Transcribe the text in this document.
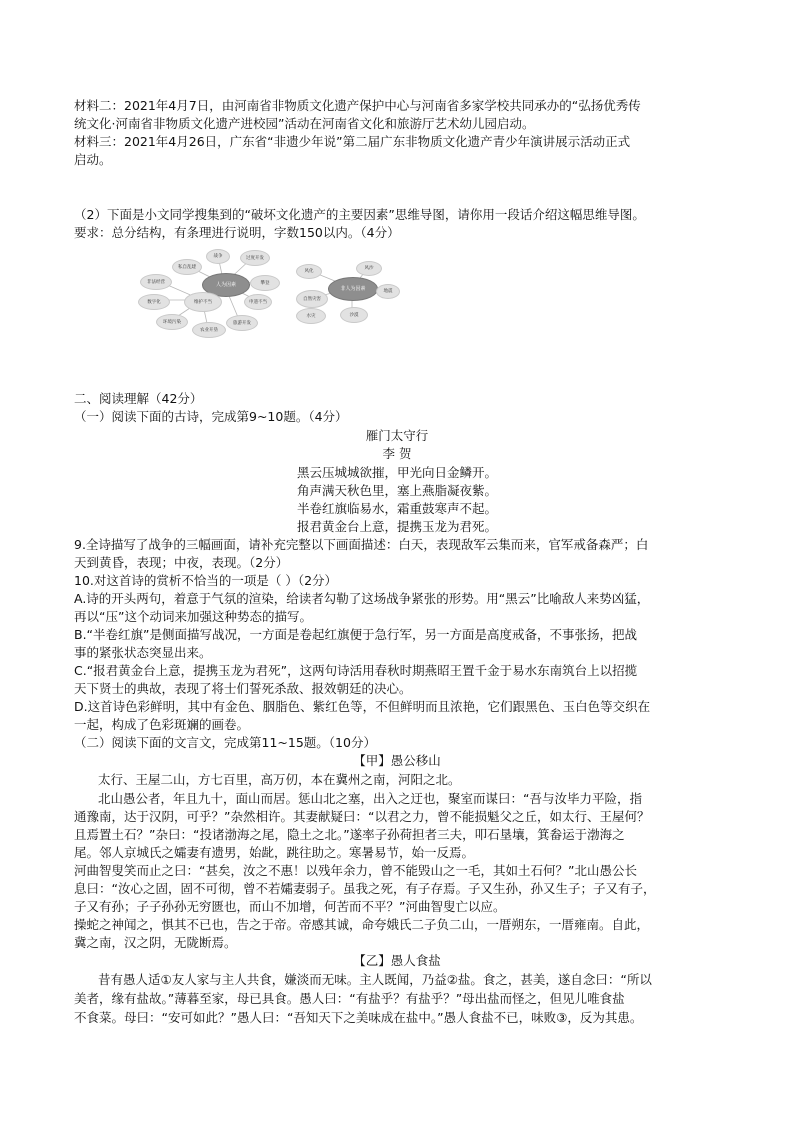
材料二：2021年4月7日，由河南省非物质文化遗产保护中心与河南省多家学校共同承办的“弘扬优秀传
统文化·河南省非物质文化遗产进校园”活动在河南省文化和旅游厅艺术幼儿园启动。
材料三：2021年4月26日，广东省“非遗少年说”第二届广东非物质文化遗产青少年演讲展示活动正式
启动。
（2）下面是小文同学搜集到的“破坏文化遗产的主要因素”思维导图，请你用一段话介绍这幅思维导图。
要求：总分结构，有条理进行说明，字数150以内。（4分）
人为因素
战争	过度开发
私自乱建
非法经营	攀登
维护不当
数字化	申遗不当
环境污染
农业开垦
旅游开发
非人为因素
风化
风沙
地震
自然灾害
水灾	沙漠
二、阅读理解（42分）
（一）阅读下面的古诗，完成第9~10题。（4分）
雁门太守行
李 贺
黑云压城城欲摧，甲光向日金鳞开。
角声满天秋色里，塞上燕脂凝夜紫。
半卷红旗临易水，霜重鼓寒声不起。
报君黄金台上意，提携玉龙为君死。
9.全诗描写了战争的三幅画面，请补充完整以下画面描述：白天，表现敌军云集而来，官军戒备森严；白
天到黄昏，表现；中夜，表现。（2分）
10.对这首诗的赏析不恰当的一项是（ ）（2分）
A.诗的开头两句，着意于气氛的渲染，给读者勾勒了这场战争紧张的形势。用“黑云”比喻敌人来势凶猛，
再以“压”这个动词来加强这种势态的描写。
B.“半卷红旗”是侧面描写战况，一方面是卷起红旗便于急行军，另一方面是高度戒备，不事张扬，把战
事的紧张状态突显出来。
C.“报君黄金台上意，提携玉龙为君死”，这两句诗活用春秋时期燕昭王置千金于易水东南筑台上以招揽
天下贤士的典故，表现了将士们誓死杀敌、报效朝廷的决心。
D.这首诗色彩鲜明，其中有金色、胭脂色、紫红色等，不但鲜明而且浓艳，它们跟黑色、玉白色等交织在
一起，构成了色彩斑斓的画卷。
（二）阅读下面的文言文，完成第11~15题。（10分）
【甲】愚公移山
太行、王屋二山，方七百里，高万仞，本在冀州之南，河阳之北。
北山愚公者，年且九十，面山而居。惩山北之塞，出入之迂也，聚室而谋曰：“吾与汝毕力平险，指
通豫南，达于汉阴，可乎？”杂然相许。其妻献疑曰：“以君之力，曾不能损魁父之丘，如太行、王屋何？
且焉置土石？”杂曰：“投诸渤海之尾，隐土之北。”遂率子孙荷担者三夫，叩石垦壤，箕畚运于渤海之
尾。邻人京城氏之孀妻有遗男，始龀，跳往助之。寒暑易节，始一反焉。
河曲智叟笑而止之曰：“甚矣，汝之不惠！以残年余力，曾不能毁山之一毛，其如土石何？”北山愚公长
息曰：“汝心之固，固不可彻，曾不若孀妻弱子。虽我之死，有子存焉。子又生孙，孙又生子；子又有子，
子又有孙；子子孙孙无穷匮也，而山不加增，何苦而不平？”河曲智叟亡以应。
操蛇之神闻之，惧其不已也，告之于帝。帝感其诚，命夸娥氏二子负二山，一厝朔东，一厝雍南。自此，
冀之南，汉之阴，无陇断焉。
【乙】愚人食盐
昔有愚人适①友人家与主人共食，嫌淡而无味。主人既闻，乃益②盐。食之，甚美，遂自念曰：“所以
美者，缘有盐故。”薄暮至家，母已具食。愚人曰：“有盐乎？有盐乎？”母出盐而怪之，但见儿唯食盐
不食菜。母曰：“安可如此？”愚人曰：“吾知天下之美味成在盐中。”愚人食盐不已，味败③，反为其患。
